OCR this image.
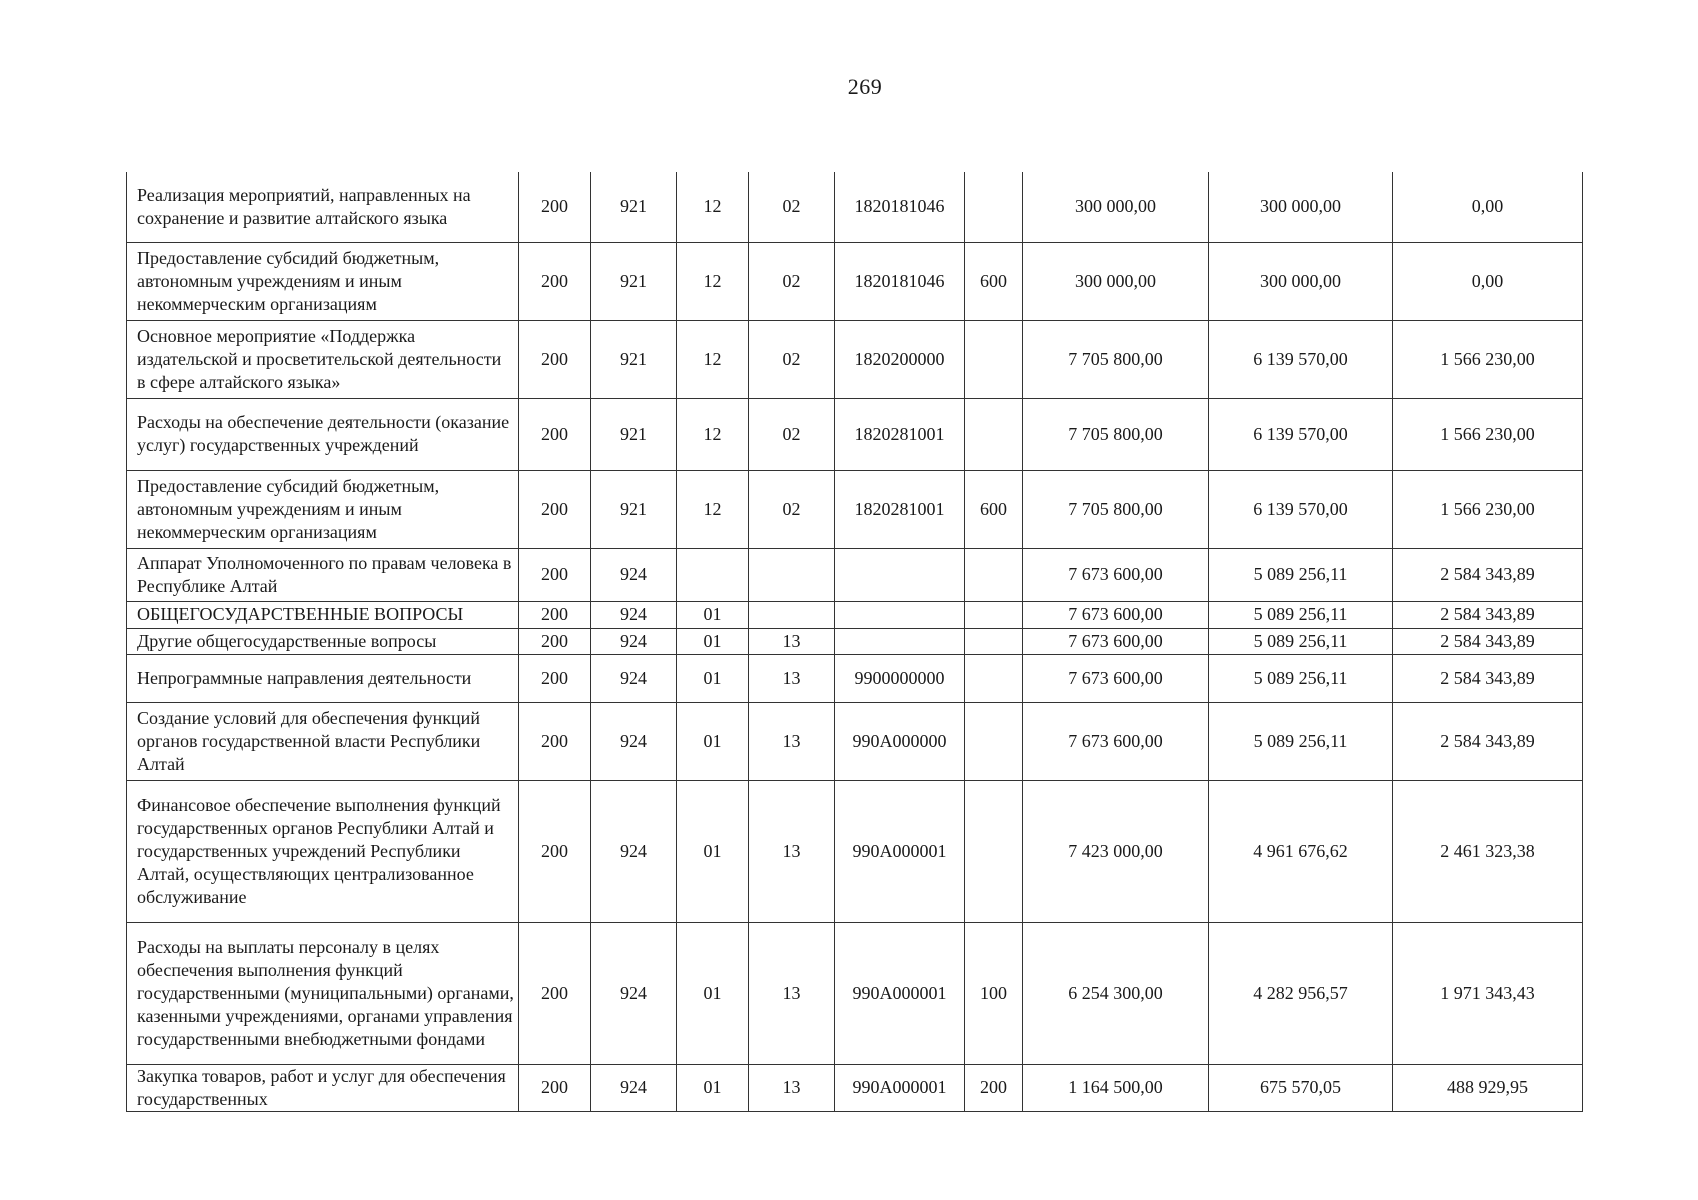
269
Реализация мероприятий, направленных на сохранение и развитие алтайского языка	200	921	12	02	1820181046		300 000,00	300 000,00	0,00
Предоставление субсидий бюджетным, автономным учреждениям и иным некоммерческим организациям	200	921	12	02	1820181046	600	300 000,00	300 000,00	0,00
Основное мероприятие «Поддержка издательской и просветительской деятельности в сфере алтайского языка»	200	921	12	02	1820200000		7 705 800,00	6 139 570,00	1 566 230,00
Расходы на обеспечение деятельности (оказание услуг) государственных учреждений	200	921	12	02	1820281001		7 705 800,00	6 139 570,00	1 566 230,00
Предоставление субсидий бюджетным, автономным учреждениям и иным некоммерческим организациям	200	921	12	02	1820281001	600	7 705 800,00	6 139 570,00	1 566 230,00
Аппарат Уполномоченного по правам человека в Республике Алтай	200	924					7 673 600,00	5 089 256,11	2 584 343,89
ОБЩЕГОСУДАРСТВЕННЫЕ ВОПРОСЫ	200	924	01				7 673 600,00	5 089 256,11	2 584 343,89
Другие общегосударственные вопросы	200	924	01	13			7 673 600,00	5 089 256,11	2 584 343,89
Непрограммные направления деятельности	200	924	01	13	9900000000		7 673 600,00	5 089 256,11	2 584 343,89
Создание условий для обеспечения функций органов государственной власти Республики Алтай	200	924	01	13	990А000000		7 673 600,00	5 089 256,11	2 584 343,89
Финансовое обеспечение выполнения функций государственных органов Республики Алтай и государственных учреждений Республики Алтай, осуществляющих централизованное обслуживание	200	924	01	13	990А000001		7 423 000,00	4 961 676,62	2 461 323,38
Расходы на выплаты персоналу в целях обеспечения выполнения функций государственными (муниципальными) органами, казенными учреждениями, органами управления государственными внебюджетными фондами	200	924	01	13	990А000001	100	6 254 300,00	4 282 956,57	1 971 343,43
Закупка товаров, работ и услуг для обеспечения государственных	200	924	01	13	990А000001	200	1 164 500,00	675 570,05	488 929,95
